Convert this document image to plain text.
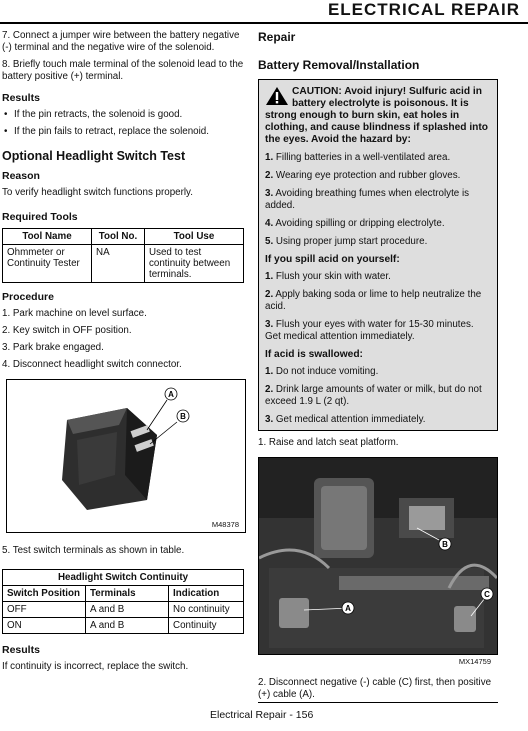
ELECTRICAL REPAIR

7. Connect a jumper wire between the battery negative (-) terminal and the negative wire of the solenoid.

8. Briefly touch male terminal of the solenoid lead to the battery positive (+) terminal.

Results
• If the pin retracts, the solenoid is good.
• If the pin fails to retract, replace the solenoid.
Optional Headlight Switch Test
Reason

To verify headlight switch functions properly.

Required Tools
Tool Name	Tool No.	Tool Use
Ohmmeter or Continuity Tester	NA	Used to test continuity between terminals.
Procedure
1. Park machine on level surface.
2. Key switch in OFF position.
3. Park brake engaged.
4. Disconnect headlight switch connector.
A
B
M48378

5. Test switch terminals as shown in table.

Headlight Switch Continuity		
Switch Position	Terminals	Indication
OFF	A and B	No continuity
ON	A and B	Continuity
Results

If continuity is incorrect, replace the switch.

Repair
Battery Removal/Installation
CAUTION: Avoid injury! Sulfuric acid in battery electrolyte is poisonous. It is strong enough to burn skin, eat holes in clothing, and cause blindness if splashed into the eyes. Avoid the hazard by:
1. Filling batteries in a well-ventilated area.
2. Wearing eye protection and rubber gloves.
3. Avoiding breathing fumes when electrolyte is added.
4. Avoiding spilling or dripping electrolyte.
5. Using proper jump start procedure.
If you spill acid on yourself:
1. Flush your skin with water.
2. Apply baking soda or lime to help neutralize the acid.
3. Flush your eyes with water for 15-30 minutes. Get medical attention immediately.
If acid is swallowed:
1. Do not induce vomiting.
2. Drink large amounts of water or milk, but do not exceed 1.9 L (2 qt).
3. Get medical attention immediately.

1. Raise and latch seat platform.

A
B
C
MX14759

2. Disconnect negative (-) cable (C) first, then positive (+) cable (A).

Electrical Repair - 156
